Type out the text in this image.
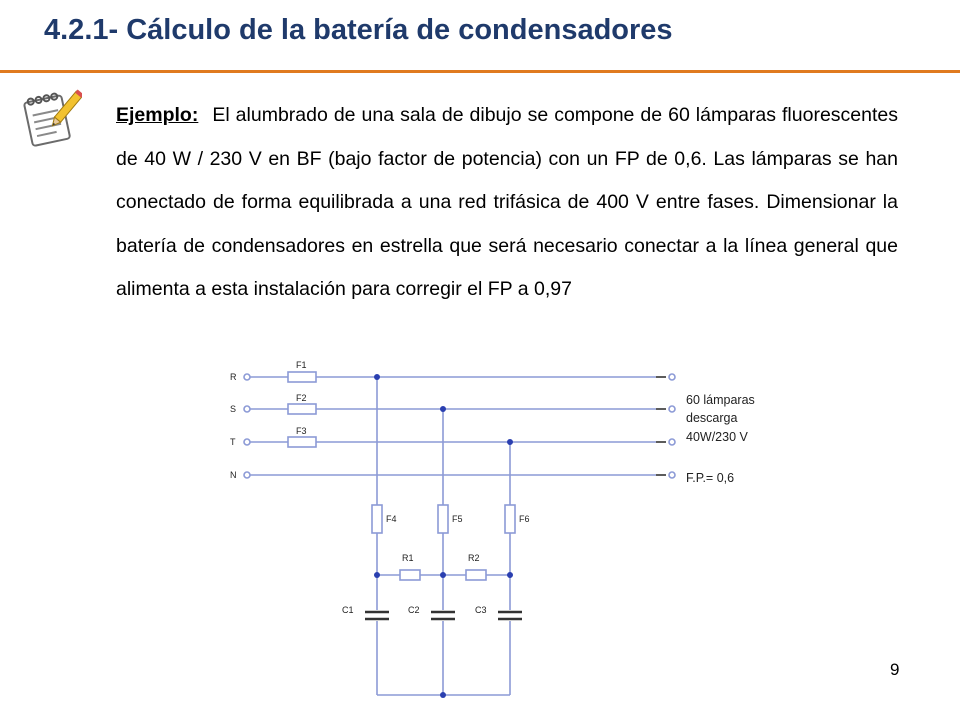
4.2.1- Cálculo de la batería de condensadores
Ejemplo: El alumbrado de una sala de dibujo se compone de 60 lámparas fluorescentes de 40 W / 230 V en BF (bajo factor de potencia) con un FP de 0,6. Las lámparas se han conectado de forma equilibrada a una red trifásica de 400 V entre fases. Dimensionar la batería de condensadores en estrella que será necesario conectar a la línea general que alimenta a esta instalación para corregir el FP a 0,97
R
S
T
N
F1
F2
F3
F4	F5	F6
R1	R2
C1	C2	C3
60 lámparas
descarga
40W/230 V
F.P.= 0,6
9
